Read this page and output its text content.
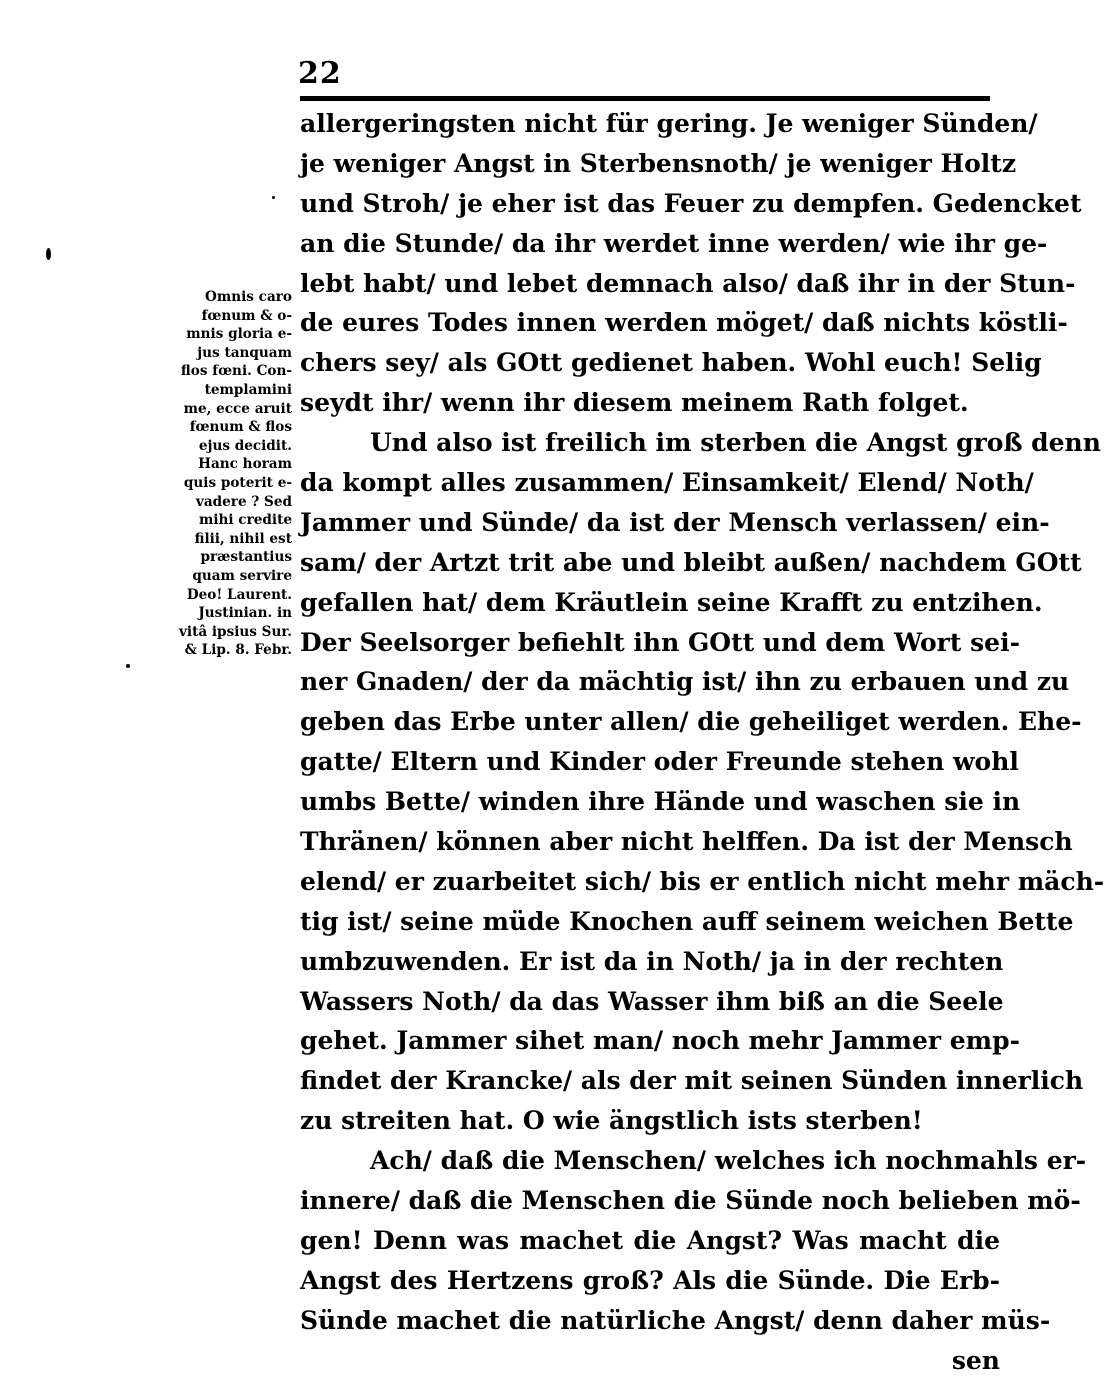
22
Omnis caro
fœnum & o-
mnis gloria e-
jus tanquam
flos fœni. Con-
templamini
me, ecce aruit
fœnum & flos
ejus decidit.
Hanc horam
quis poterit e-
vadere ? Sed
mihi credite
filii, nihil est
præstantius
quam servire
Deo! Laurent.
Justinian. in
vitâ ipsius Sur.
& Lip. 8. Febr.
allergeringsten nicht für gering. Je weniger Sünden/
je weniger Angst in Sterbensnoth/ je weniger Holtz
und Stroh/ je eher ist das Feuer zu dempfen. Gedencket
an die Stunde/ da ihr werdet inne werden/ wie ihr ge-
lebt habt/ und lebet demnach also/ daß ihr in der Stun-
de eures Todes innen werden möget/ daß nichts köstli-
chers sey/ als GOtt gedienet haben. Wohl euch! Selig
seydt ihr/ wenn ihr diesem meinem Rath folget.
Und also ist freilich im sterben die Angst groß denn
da kompt alles zusammen/ Einsamkeit/ Elend/ Noth/
Jammer und Sünde/ da ist der Mensch verlassen/ ein-
sam/ der Artzt trit abe und bleibt außen/ nachdem GOtt
gefallen hat/ dem Kräutlein seine Krafft zu entzihen.
Der Seelsorger befiehlt ihn GOtt und dem Wort sei-
ner Gnaden/ der da mächtig ist/ ihn zu erbauen und zu
geben das Erbe unter allen/ die geheiliget werden. Ehe-
gatte/ Eltern und Kinder oder Freunde stehen wohl
umbs Bette/ winden ihre Hände und waschen sie in
Thränen/ können aber nicht helffen. Da ist der Mensch
elend/ er zuarbeitet sich/ bis er entlich nicht mehr mäch-
tig ist/ seine müde Knochen auff seinem weichen Bette
umbzuwenden. Er ist da in Noth/ ja in der rechten
Wassers Noth/ da das Wasser ihm biß an die Seele
gehet. Jammer sihet man/ noch mehr Jammer emp-
findet der Krancke/ als der mit seinen Sünden innerlich
zu streiten hat. O wie ängstlich ists sterben!
Ach/ daß die Menschen/ welches ich nochmahls er-
innere/ daß die Menschen die Sünde noch belieben mö-
gen! Denn was machet die Angst? Was macht die
Angst des Hertzens groß? Als die Sünde. Die Erb-
Sünde machet die natürliche Angst/ denn daher müs-
sen
